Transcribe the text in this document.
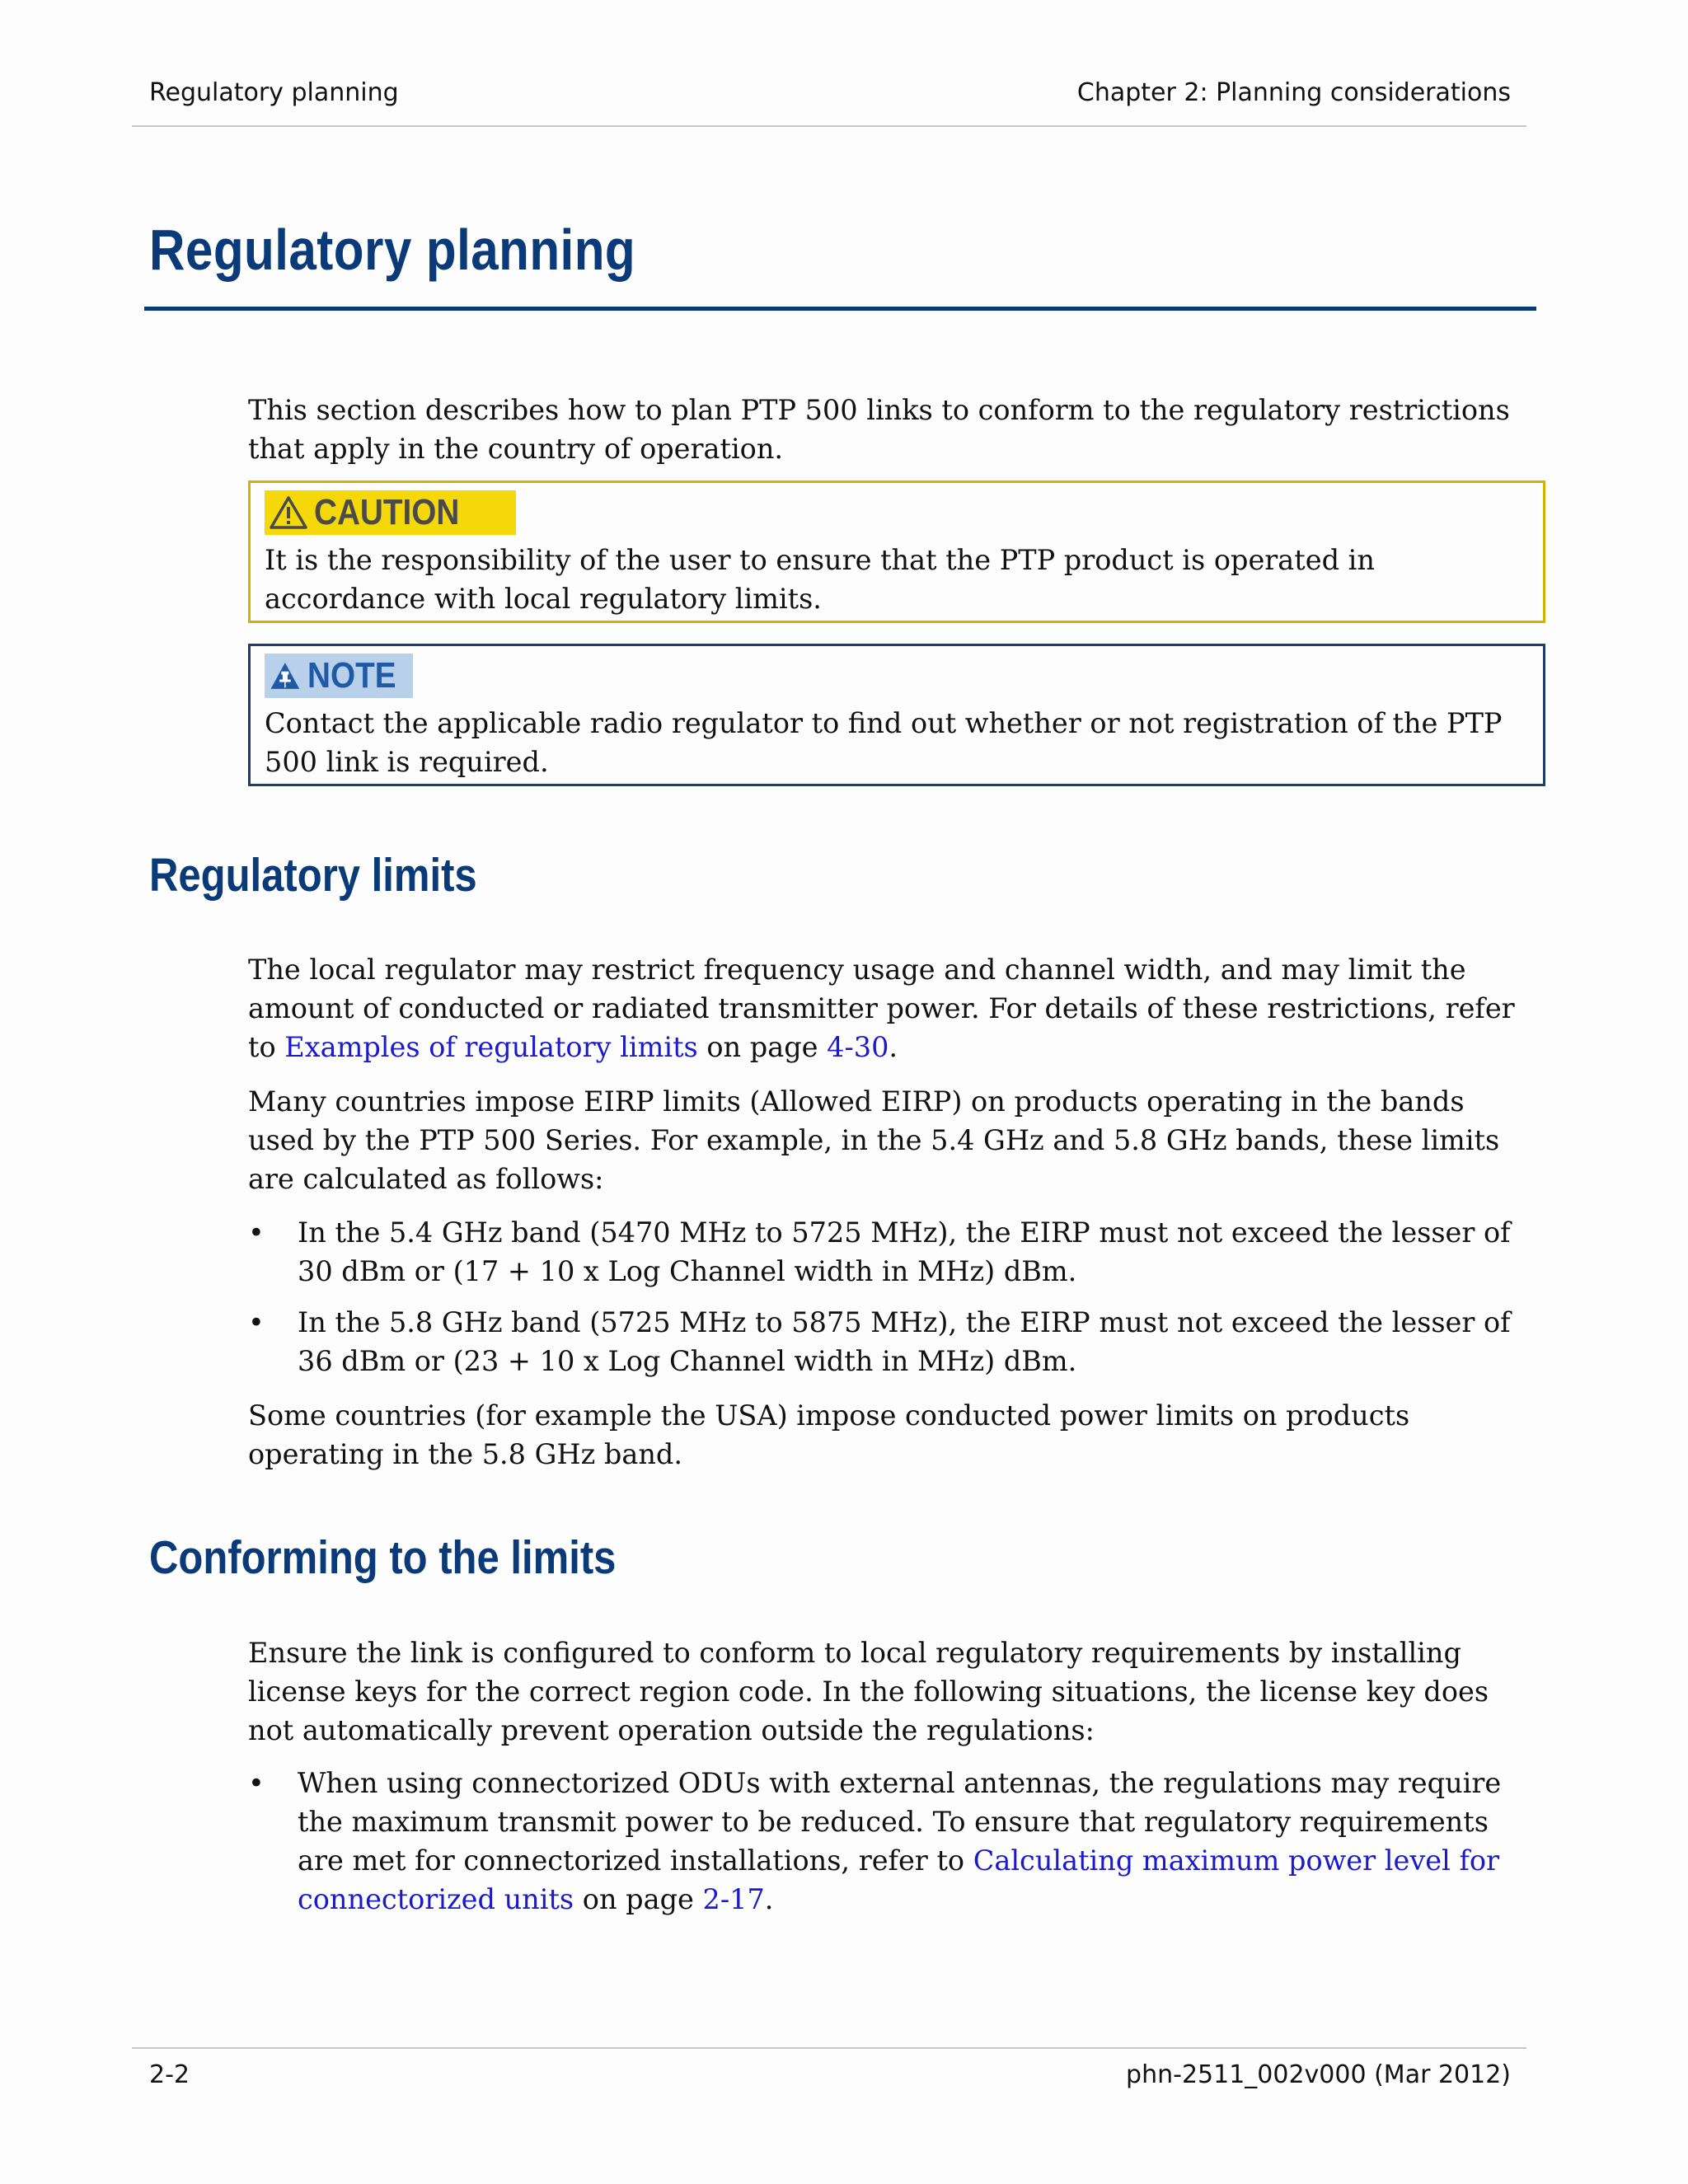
Regulatory planning	Chapter 2: Planning considerations
Regulatory planning

This section describes how to plan PTP 500 links to conform to the regulatory restrictions that apply in the country of operation.

CAUTION

It is the responsibility of the user to ensure that the PTP product is operated in accordance with local regulatory limits.

NOTE

Contact the applicable radio regulator to find out whether or not registration of the PTP 500 link is required.

Regulatory limits

The local regulator may restrict frequency usage and channel width, and may limit the amount of conducted or radiated transmitter power. For details of these restrictions, refer to Examples of regulatory limits on page 4-30.

Many countries impose EIRP limits (Allowed EIRP) on products operating in the bands used by the PTP 500 Series. For example, in the 5.4 GHz and 5.8 GHz bands, these limits are calculated as follows:

• In the 5.4 GHz band (5470 MHz to 5725 MHz), the EIRP must not exceed the lesser of 30 dBm or (17 + 10 x Log Channel width in MHz) dBm.
• In the 5.8 GHz band (5725 MHz to 5875 MHz), the EIRP must not exceed the lesser of 36 dBm or (23 + 10 x Log Channel width in MHz) dBm.

Some countries (for example the USA) impose conducted power limits on products operating in the 5.8 GHz band.

Conforming to the limits

Ensure the link is configured to conform to local regulatory requirements by installing license keys for the correct region code. In the following situations, the license key does not automatically prevent operation outside the regulations:

• When using connectorized ODUs with external antennas, the regulations may require the maximum transmit power to be reduced. To ensure that regulatory requirements are met for connectorized installations, refer to Calculating maximum power level for connectorized units on page 2-17.
2-2	phn-2511_002v000 (Mar 2012)
